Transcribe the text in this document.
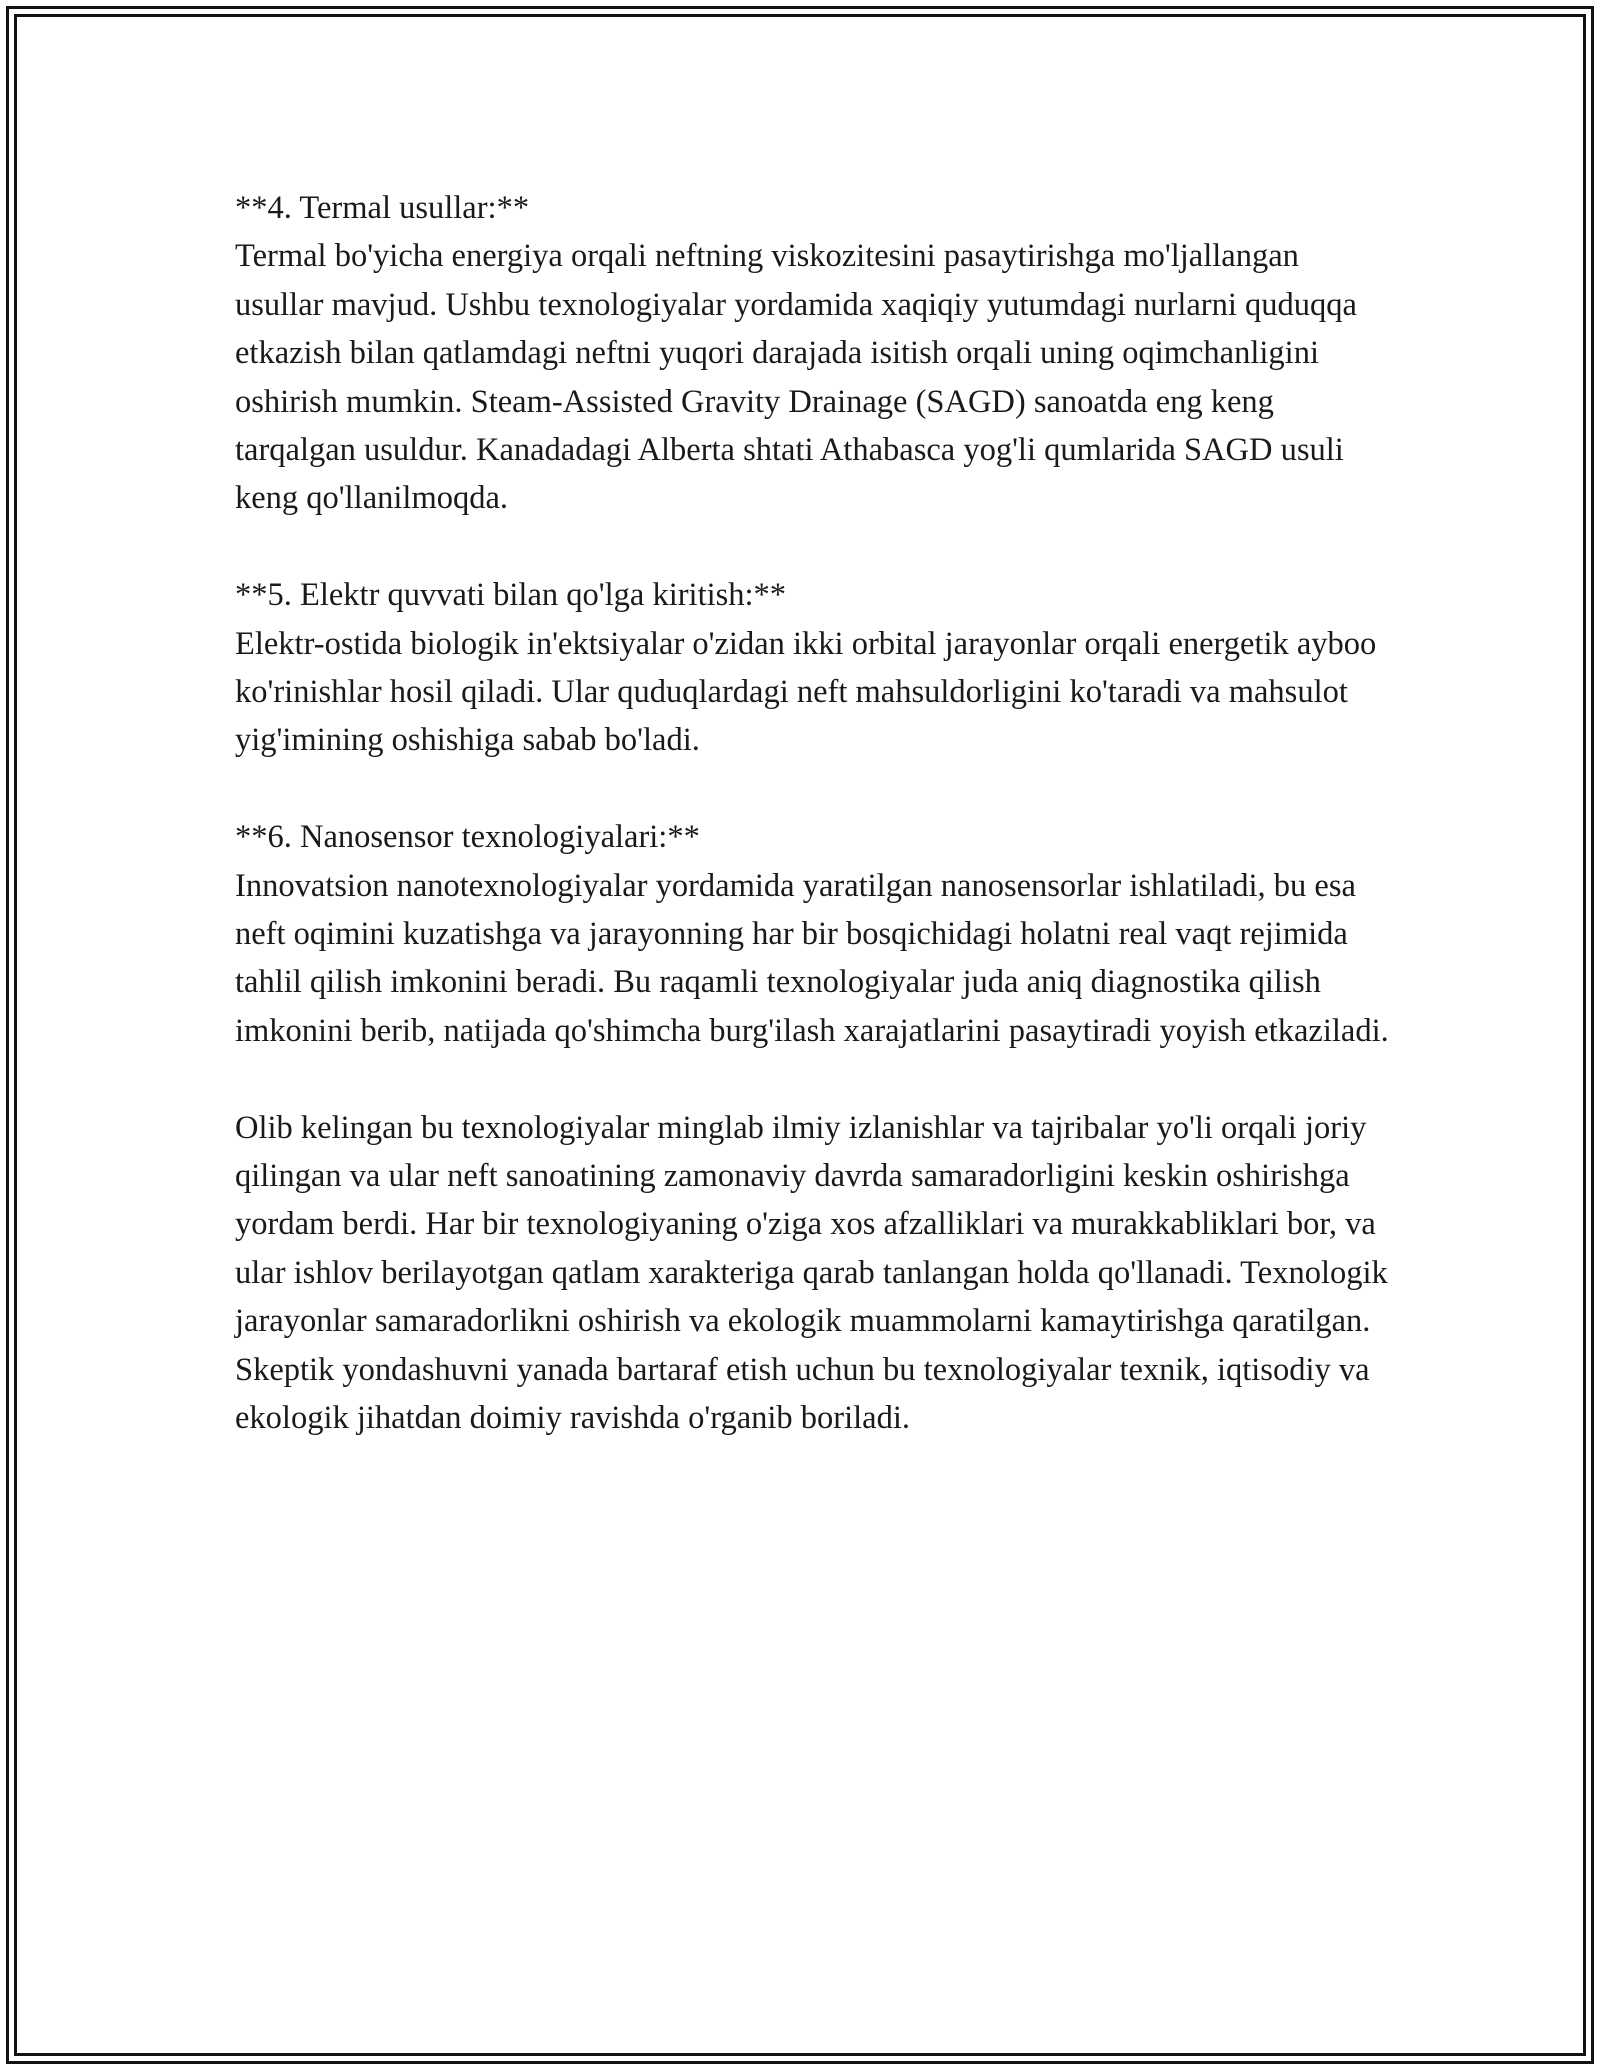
**4. Termal usullar:**

Termal bo'yicha energiya orqali neftning viskozitesini pasaytirishga mo'ljallangan usullar mavjud. Ushbu texnologiyalar yordamida xaqiqiy yutumdagi nurlarni quduqqa etkazish bilan qatlamdagi neftni yuqori darajada isitish orqali uning oqimchanligini oshirish mumkin. Steam-Assisted Gravity Drainage (SAGD) sanoatda eng keng tarqalgan usuldur. Kanadadagi Alberta shtati Athabasca yog'li qumlarida SAGD usuli keng qo'llanilmoqda.

**5. Elektr quvvati bilan qo'lga kiritish:**

Elektr-ostida biologik in'ektsiyalar o'zidan ikki orbital jarayonlar orqali energetik ayboo ko'rinishlar hosil qiladi. Ular quduqlardagi neft mahsuldorligini ko'taradi va mahsulot yig'imining oshishiga sabab bo'ladi.

**6. Nanosensor texnologiyalari:**

Innovatsion nanotexnologiyalar yordamida yaratilgan nanosensorlar ishlatiladi, bu esa neft oqimini kuzatishga va jarayonning har bir bosqichidagi holatni real vaqt rejimida tahlil qilish imkonini beradi. Bu raqamli texnologiyalar juda aniq diagnostika qilish imkonini berib, natijada qo'shimcha burg'ilash xarajatlarini pasaytiradi yoyish etkaziladi.

Olib kelingan bu texnologiyalar minglab ilmiy izlanishlar va tajribalar yo'li orqali joriy qilingan va ular neft sanoatining zamonaviy davrda samaradorligini keskin oshirishga yordam berdi. Har bir texnologiyaning o'ziga xos afzalliklari va murakkabliklari bor, va ular ishlov berilayotgan qatlam xarakteriga qarab tanlangan holda qo'llanadi. Texnologik jarayonlar samaradorlikni oshirish va ekologik muammolarni kamaytirishga qaratilgan. Skeptik yondashuvni yanada bartaraf etish uchun bu texnologiyalar texnik, iqtisodiy va ekologik jihatdan doimiy ravishda o'rganib boriladi.
